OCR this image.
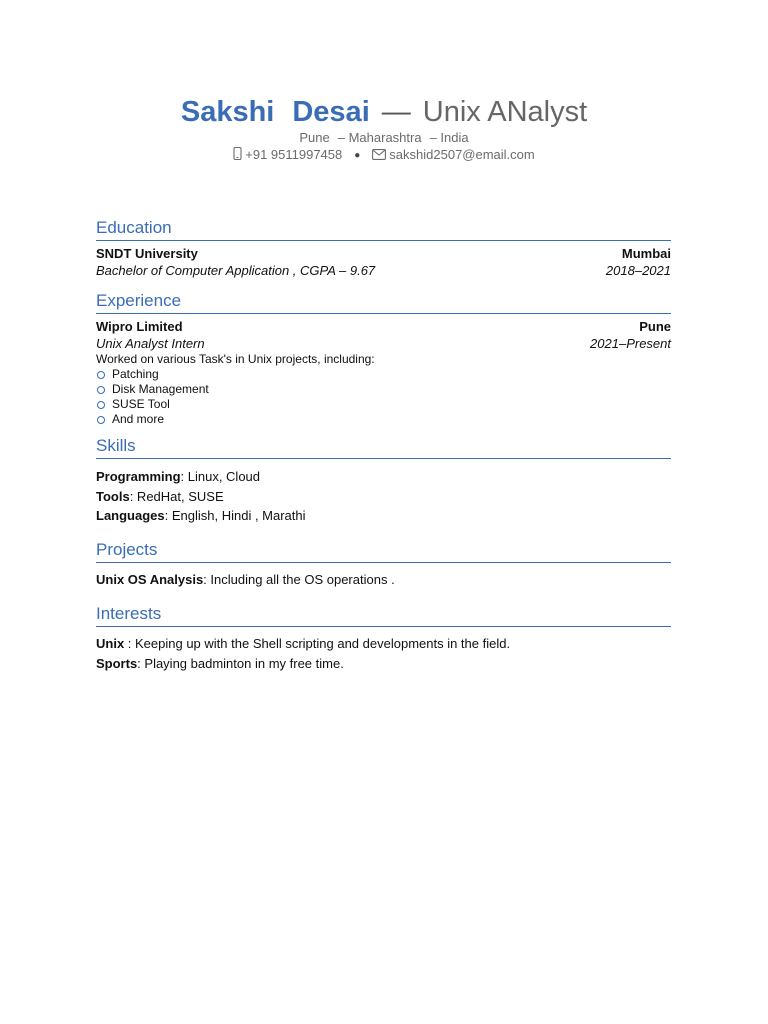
Sakshi Desai — Unix ANalyst
Pune – Maharashtra – India
+91 9511997458 ● sakshid2507@email.com
Education
SNDT University	Mumbai
Bachelor of Computer Application , CGPA – 9.67	2018–2021
Experience
Wipro Limited	Pune
Unix Analyst Intern	2021–Present
Worked on various Task's in Unix projects, including:
Patching
Disk Management
SUSE Tool
And more
Skills
Programming: Linux, Cloud
Tools: RedHat, SUSE
Languages: English, Hindi , Marathi
Projects
Unix OS Analysis: Including all the OS operations .
Interests
Unix : Keeping up with the Shell scripting and developments in the field.
Sports: Playing badminton in my free time.
